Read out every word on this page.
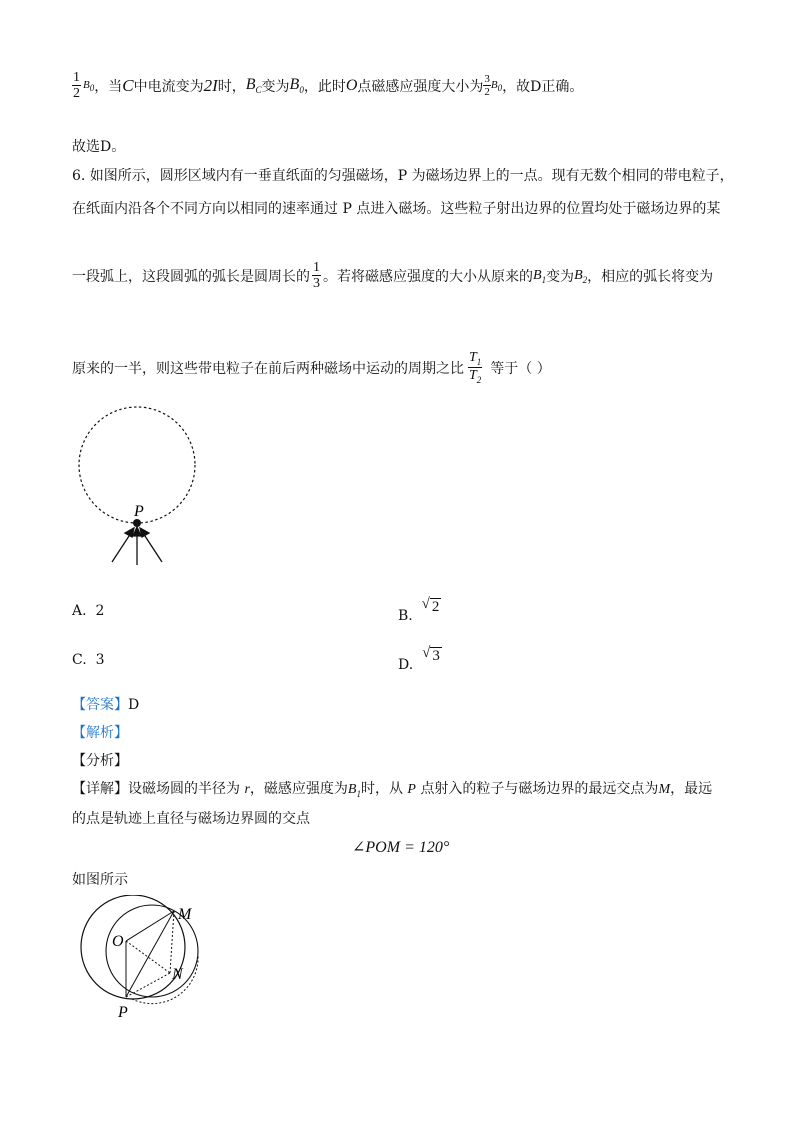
$\frac{1}{2} B_0$ ，当 C 中电流变为 2I 时， $B_C$ 变为 $B_0$ ，此时 O 点磁感应强度大小为 $\frac{3}{2} B_0$ ，故D正确。
故选D。
6. 如图所示，圆形区域内有一垂直纸面的匀强磁场，P 为磁场边界上的一点。现有无数个相同的带电粒子，
在纸面内沿各个不同方向以相同的速率通过 P 点进入磁场。这些粒子射出边界的位置均处于磁场边界的某
一段弧上，这段圆弧的弧长是圆周长的 $\frac{1}{3}$ 。若将磁感应强度的大小从原来的 $B_1$ 变为 $B_2$ ，相应的弧长将变为
原来的一半，则这些带电粒子在前后两种磁场中运动的周期之比 $\frac{T_1}{T_2}$ 等于（ ）
P
A. 2	B.

√ 2
C. 3	D.

√ 3
【答案】D
【解析】
【分析】
【详解】设磁场圆的半径为 r，磁感应强度为$B_1$时，从 P 点射入的粒子与磁场边界的最远交点为M，最远
的点是轨迹上直径与磁场边界圆的交点
∠POM = 120°
如图所示
M
O
N
P
